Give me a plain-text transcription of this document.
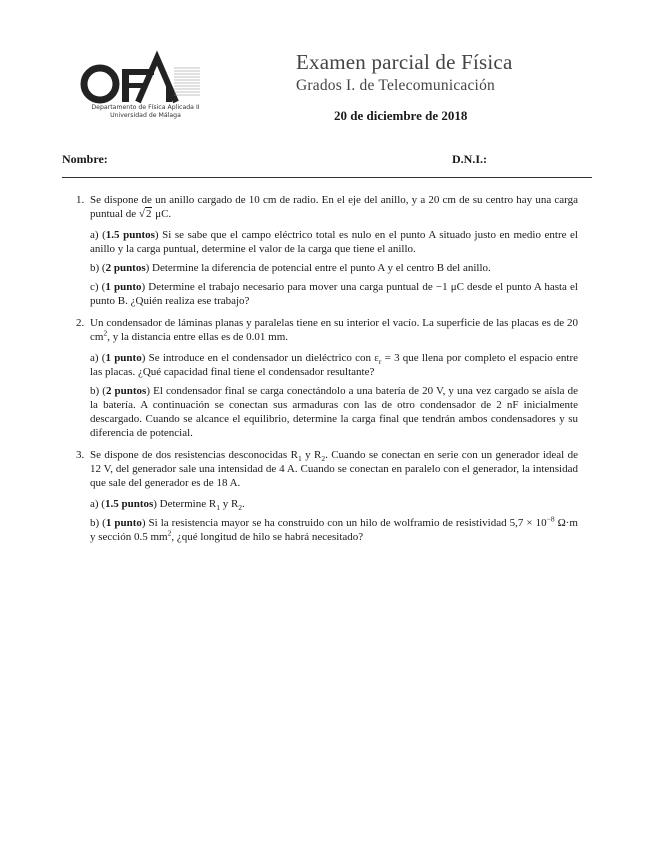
Departamento de Física Aplicada II
Universidad de Málaga
Examen parcial de Física
Grados I. de Telecomunicación
20 de diciembre de 2018
Nombre:	D.N.I.:
1. Se dispone de un anillo cargado de 10 cm de radio. En el eje del anillo, y a 20 cm de su centro hay una carga puntual de √2 μC.

a) (1.5 puntos) Si se sabe que el campo eléctrico total es nulo en el punto A situado justo en medio entre el anillo y la carga puntual, determine el valor de la carga que tiene el anillo.

b) (2 puntos) Determine la diferencia de potencial entre el punto A y el centro B del anillo.

c) (1 punto) Determine el trabajo necesario para mover una carga puntual de −1 μC desde el punto A hasta el punto B. ¿Quién realiza ese trabajo?

2. Un condensador de láminas planas y paralelas tiene en su interior el vacío. La superficie de las placas es de 20 $cm^2$, y la distancia entre ellas es de 0.01 mm.

a) (1 punto) Se introduce en el condensador un dieléctrico con $\varepsilon_r = 3$ que llena por completo el espacio entre las placas. ¿Qué capacidad final tiene el condensador resultante?

b) (2 puntos) El condensador final se carga conectándolo a una batería de 20 V, y una vez cargado se aísla de la batería. A continuación se conectan sus armaduras con las de otro condensador de 2 nF inicialmente descargado. Cuando se alcance el equilibrio, determine la carga final que tendrán ambos condensadores y su diferencia de potencial.

3. Se dispone de dos resistencias desconocidas $R_1$ y $R_2$. Cuando se conectan en serie con un generador ideal de 12 V, del generador sale una intensidad de 4 A. Cuando se conectan en paralelo con el generador, la intensidad que sale del generador es de 18 A.

a) (1.5 puntos) Determine $R_1$ y $R_2$.

b) (1 punto) Si la resistencia mayor se ha construido con un hilo de wolframio de resistividad $5,7 \times 10^{-8}$ Ω·m y sección 0.5 $mm^2$, ¿qué longitud de hilo se habrá necesitado?
